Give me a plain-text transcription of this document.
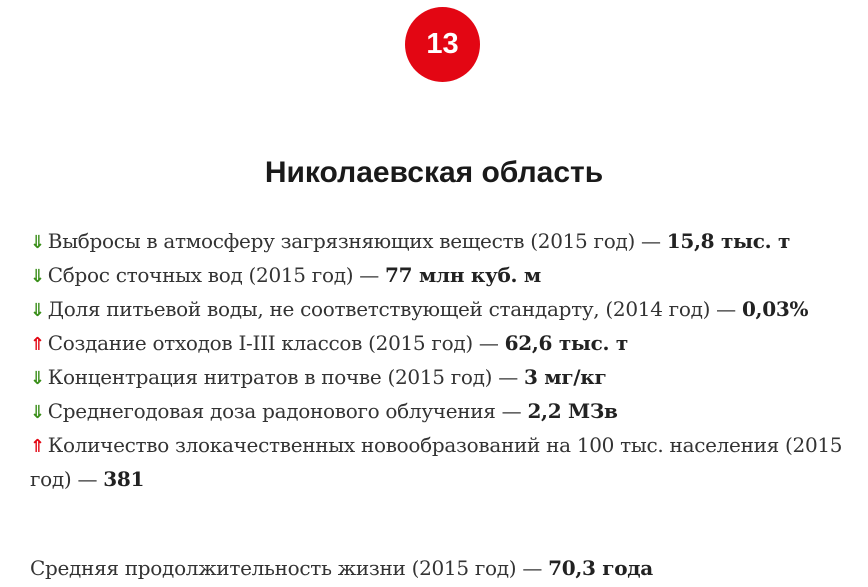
13
Николаевская область
⇓ Выбросы в атмосферу загрязняющих веществ (2015 год) — 15,8 тыс. т
⇓ Сброс сточных вод (2015 год) — 77 млн куб. м
⇓ Доля питьевой воды, не соответствующей стандарту, (2014 год) — 0,03%
⇑ Создание отходов I-III классов (2015 год) — 62,6 тыс. т
⇓ Концентрация нитратов в почве (2015 год) — 3 мг/кг
⇓ Среднегодовая доза радонового облучения — 2,2 МЗв
⇑ Количество злокачественных новообразований на 100 тыс. населения (2015 год) — 381

Средняя продолжительность жизни (2015 год) — 70,3 года
